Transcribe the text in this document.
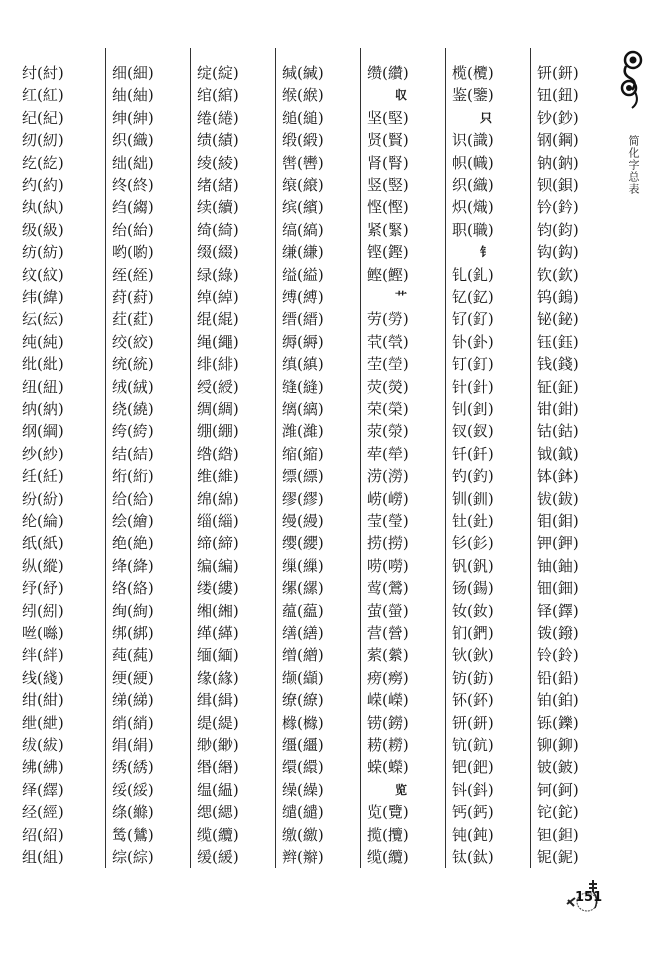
纣(紂)
红(紅)
纪(紀)
纫(紉)
纥(紇)
约(約)
纨(紈)
级(級)
纺(紡)
纹(紋)
纬(緯)
纭(紜)
纯(純)
纰(紕)
纽(紐)
纳(納)
纲(綱)
纱(紗)
纴(紝)
纷(紛)
纶(綸)
纸(紙)
纵(縱)
纾(紓)
纼(紖)
咝(噝)
绊(絆)
线(綫)
绀(紺)
绁(紲)
绂(紱)
绋(紼)
绎(繹)
经(經)
绍(紹)
组(組)
细(細)
䌷(紬)
绅(紳)
织(織)
绌(絀)
终(終)
绉(縐)
绐(紿)
哟(喲)
绖(絰)
荮(葤)
荭(葒)
绞(絞)
统(統)
绒(絨)
绕(繞)
绔(絝)
结(結)
绗(絎)
给(給)
绘(繪)
绝(絶)
绛(絳)
络(絡)
绚(絢)
绑(綁)
莼(蒓)
绠(綆)
绨(綈)
绡(綃)
绢(絹)
绣(綉)
绥(綏)
绦(縧)
鸶(鷥)
综(綜)
绽(綻)
绾(綰)
绻(綣)
绩(績)
绫(綾)
绪(緒)
续(續)
绮(綺)
缀(綴)
绿(綠)
绰(綽)
绲(緄)
绳(繩)
绯(緋)
绶(綬)
绸(綢)
绷(綳)
绺(綹)
维(維)
绵(綿)
缁(緇)
缔(締)
编(編)
缕(縷)
缃(緗)
缂(緙)
缅(緬)
缘(緣)
缉(緝)
缇(緹)
缈(緲)
缗(緡)
缊(緼)
缌(緦)
缆(纜)
缓(緩)
缄(緘)
缑(緱)
缒(縋)
缎(緞)
辔(轡)
缞(縗)
缤(繽)
缟(縞)
缣(縑)
缢(縊)
缚(縛)
缙(縉)
缛(縟)
缜(縝)
缝(縫)
缡(縭)
潍(濰)
缩(縮)
缥(縹)
缪(繆)
缦(縵)
缨(纓)
缫(繅)
缧(縲)
蕴(藴)
缮(繕)
缯(繒)
缬(纈)
缭(繚)
橼(櫞)
缰(繮)
缳(繯)
缲(繰)
缱(繾)
缴(繳)
辫(辮)
缵(纘)
収
坚(堅)
贤(賢)
肾(腎)
竖(竪)
悭(慳)
紧(緊)
铿(鏗)
鲣(鰹)
艹
劳(勞)
茕(煢)
茔(塋)
荧(熒)
荣(榮)
荥(滎)
荦(犖)
涝(澇)
崂(嶗)
莹(瑩)
捞(撈)
唠(嘮)
莺(鶯)
萤(螢)
营(營)
萦(縈)
痨(癆)
嵘(嶸)
铹(鐒)
耢(耮)
蝾(蠑)
览
览(覽)
揽(攬)
缆(纜)
榄(欖)
鉴(鑒)
只
识(識)
帜(幟)
织(織)
炽(熾)
职(職)
钅
钆(釓)
钇(釔)
钌(釕)
钋(釙)
钉(釘)
针(針)
钊(釗)
钗(釵)
钎(釺)
钓(釣)
钏(釧)
钍(釷)
钐(釤)
钒(釩)
钖(鍚)
钕(釹)
钔(鍆)
钬(鈥)
钫(鈁)
钚(鈈)
钘(鈃)
钪(鈧)
钯(鈀)
钭(鈄)
钙(鈣)
钝(鈍)
钛(鈦)
钘(鈃)
钮(鈕)
钞(鈔)
钢(鋼)
钠(鈉)
钡(鋇)
钤(鈐)
钧(鈞)
钩(鈎)
钦(欽)
钨(鎢)
铋(鉍)
钰(鈺)
钱(錢)
钲(鉦)
钳(鉗)
钴(鈷)
钺(鉞)
钵(鉢)
钹(鈸)
钼(鉬)
钾(鉀)
铀(鈾)
钿(鈿)
铎(鐸)
䥽(鏺)
铃(鈴)
铅(鉛)
铂(鉑)
铄(鑠)
铆(鉚)
铍(鈹)
钶(鈳)
铊(鉈)
钽(鉭)
铌(鈮)
简化字总表
151
